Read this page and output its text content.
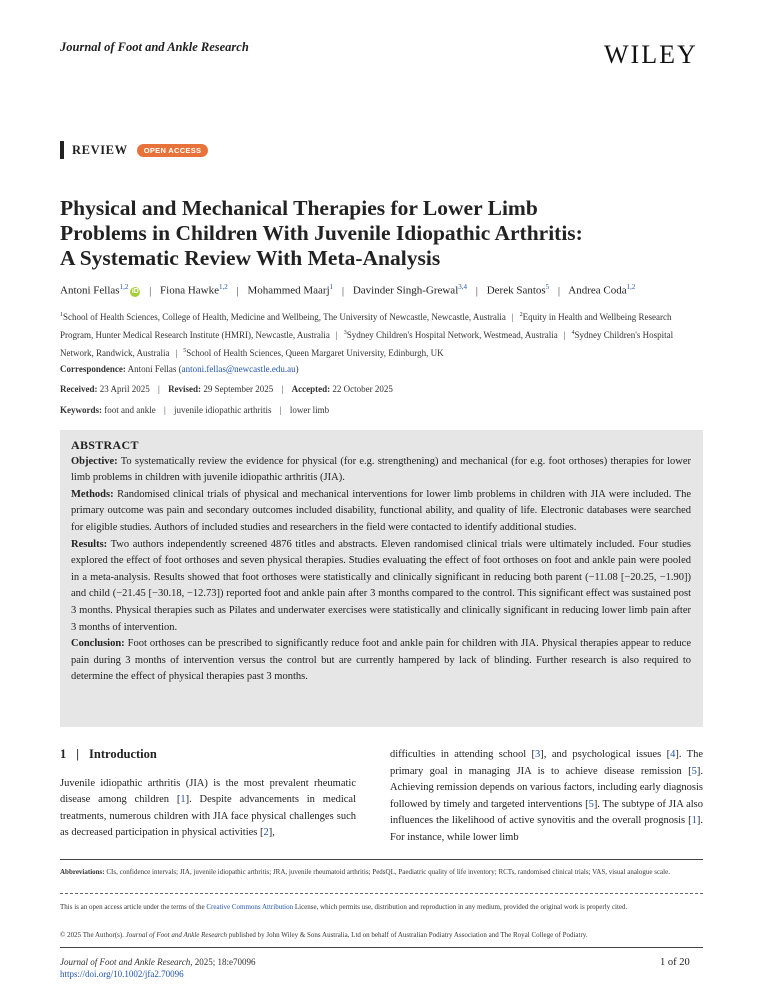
Journal of Foot and Ankle Research	WILEY
REVIEW	OPEN ACCESS
Physical and Mechanical Therapies for Lower Limb
Problems in Children With Juvenile Idiopathic Arthritis:
A Systematic Review With Meta-Analysis
Antoni Fellas$^{1,2}$iD | Fiona Hawke$^{1,2}$ | Mohammed Maarj$^1$ | Davinder Singh-Grewal$^{3,4}$ | Derek Santos$^5$ | Andrea Coda$^{1,2}$
$^1$School of Health Sciences, College of Health, Medicine and Wellbeing, The University of Newcastle, Newcastle, Australia | $^2$Equity in Health and Wellbeing Research Program, Hunter Medical Research Institute (HMRI), Newcastle, Australia | $^3$Sydney Children's Hospital Network, Westmead, Australia | $^4$Sydney Children's Hospital Network, Randwick, Australia | $^5$School of Health Sciences, Queen Margaret University, Edinburgh, UK
Correspondence: Antoni Fellas (antoni.fellas@newcastle.edu.au)
Received: 23 April 2025 | Revised: 29 September 2025 | Accepted: 22 October 2025
Keywords: foot and ankle | juvenile idiopathic arthritis | lower limb
ABSTRACT

Objective: To systematically review the evidence for physical (for e.g. strengthening) and mechanical (for e.g. foot orthoses) therapies for lower limb problems in children with juvenile idiopathic arthritis (JIA).

Methods: Randomised clinical trials of physical and mechanical interventions for lower limb problems in children with JIA were included. The primary outcome was pain and secondary outcomes included disability, functional ability, and quality of life. Electronic databases were searched for eligible studies. Authors of included studies and researchers in the field were contacted to identify additional studies.

Results: Two authors independently screened 4876 titles and abstracts. Eleven randomised clinical trials were ultimately included. Four studies explored the effect of foot orthoses and seven physical therapies. Studies evaluating the effect of foot orthoses on foot and ankle pain were pooled in a meta-analysis. Results showed that foot orthoses were statistically and clinically significant in reducing both parent (−11.08 [−20.25, −1.90]) and child (−21.45 [−30.18, −12.73]) reported foot and ankle pain after 3 months compared to the control. This significant effect was sustained post 3 months. Physical therapies such as Pilates and underwater exercises were statistically and clinically significant in reducing lower limb pain after 3 months of intervention.

Conclusion: Foot orthoses can be prescribed to significantly reduce foot and ankle pain for children with JIA. Physical therapies appear to reduce pain during 3 months of intervention versus the control but are currently hampered by lack of blinding. Further research is also required to determine the effect of physical therapies past 3 months.

1 | Introduction

Juvenile idiopathic arthritis (JIA) is the most prevalent rheumatic disease among children [1]. Despite advancements in medical treatments, numerous children with JIA face physical challenges such as decreased participation in physical activities [2],

difficulties in attending school [3], and psychological issues [4]. The primary goal in managing JIA is to achieve disease remission [5]. Achieving remission depends on various factors, including early diagnosis followed by timely and targeted interventions [5]. The subtype of JIA also influences the likelihood of active synovitis and the overall prognosis [1]. For instance, while lower limb

Abbreviations: CIs, confidence intervals; JIA, juvenile idiopathic arthritis; JRA, juvenile rheumatoid arthritis; PedsQL, Paediatric quality of life inventory; RCTs, randomised clinical trials; VAS, visual analogue scale.
This is an open access article under the terms of the Creative Commons Attribution License, which permits use, distribution and reproduction in any medium, provided the original work is properly cited.
© 2025 The Author(s). Journal of Foot and Ankle Research published by John Wiley & Sons Australia, Ltd on behalf of Australian Podiatry Association and The Royal College of Podiatry.
Journal of Foot and Ankle Research, 2025; 18:e70096
https://doi.org/10.1002/jfa2.70096
1 of 20
